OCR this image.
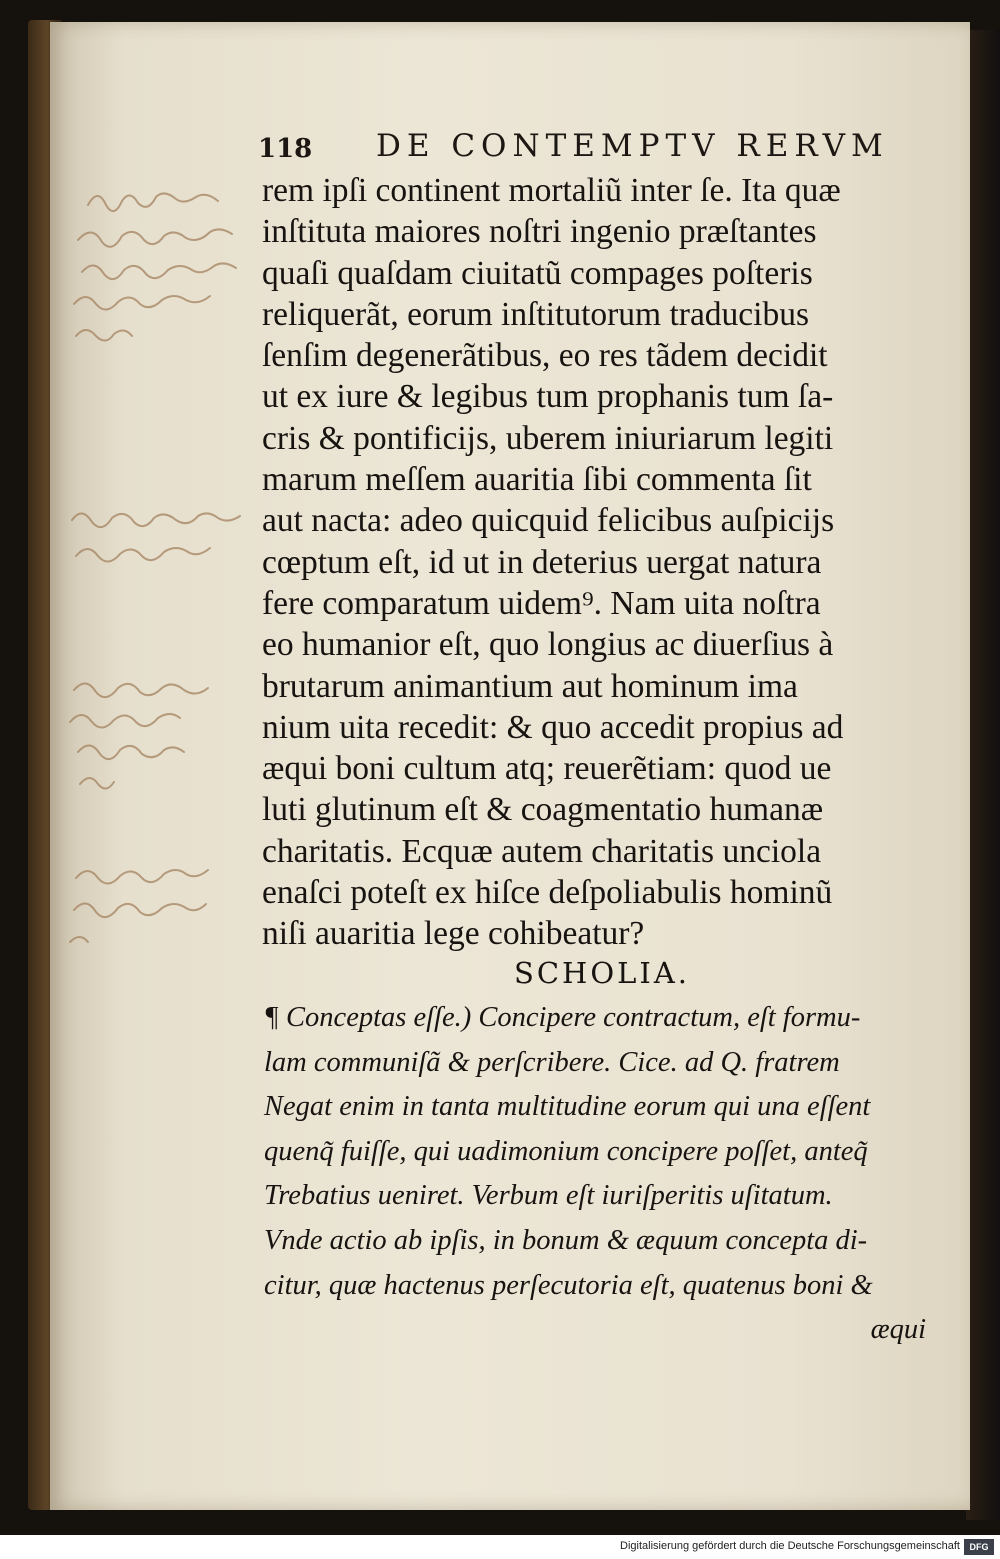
118 DE CONTEMPTV RERVM
rem ipſi continent mortaliũ inter ſe. Ita quæ
inſtituta maiores noſtri ingenio præſtantes
quaſi quaſdam ciuitatũ compages poſteris
reliquerãt, eorum inſtitutorum traducibus
ſenſim degenerãtibus, eo res tãdem decidit
ut ex iure & legibus tum prophanis tum ſa-
cris & pontificijs, uberem iniuriarum legiti
marum meſſem auaritia ſibi commenta ſit
aut nacta: adeo quicquid felicibus auſpicijs
cœptum eſt, id ut in deterius uergat natura
fere comparatum uidem⁹. Nam uita noſtra
eo humanior eſt, quo longius ac diuerſius à
brutarum animantium aut hominum ima
nium uita recedit: & quo accedit propius ad
æqui boni cultum atq; reuerẽtiam: quod ue
luti glutinum eſt & coagmentatio humanæ
charitatis. Ecquæ autem charitatis unciola
enaſci poteſt ex hiſce deſpoliabulis hominũ
niſi auaritia lege cohibeatur?
SCHOLIA.
¶ Conceptas eſſe.) Concipere contractum, eſt formu-
lam communiſã & perſcribere. Cice. ad Q. fratrem
Negat enim in tanta multitudine eorum qui una eſſent
quenq̃ fuiſſe, qui uadimonium concipere poſſet, anteq̃
Trebatius ueniret. Verbum eſt iuriſperitis uſitatum.
Vnde actio ab ipſis, in bonum & æquum concepta di-
citur, quæ hactenus perſecutoria eſt, quatenus boni &
æqui
Digitalisierung gefördert durch die Deutsche Forschungsgemeinschaft	DFG
